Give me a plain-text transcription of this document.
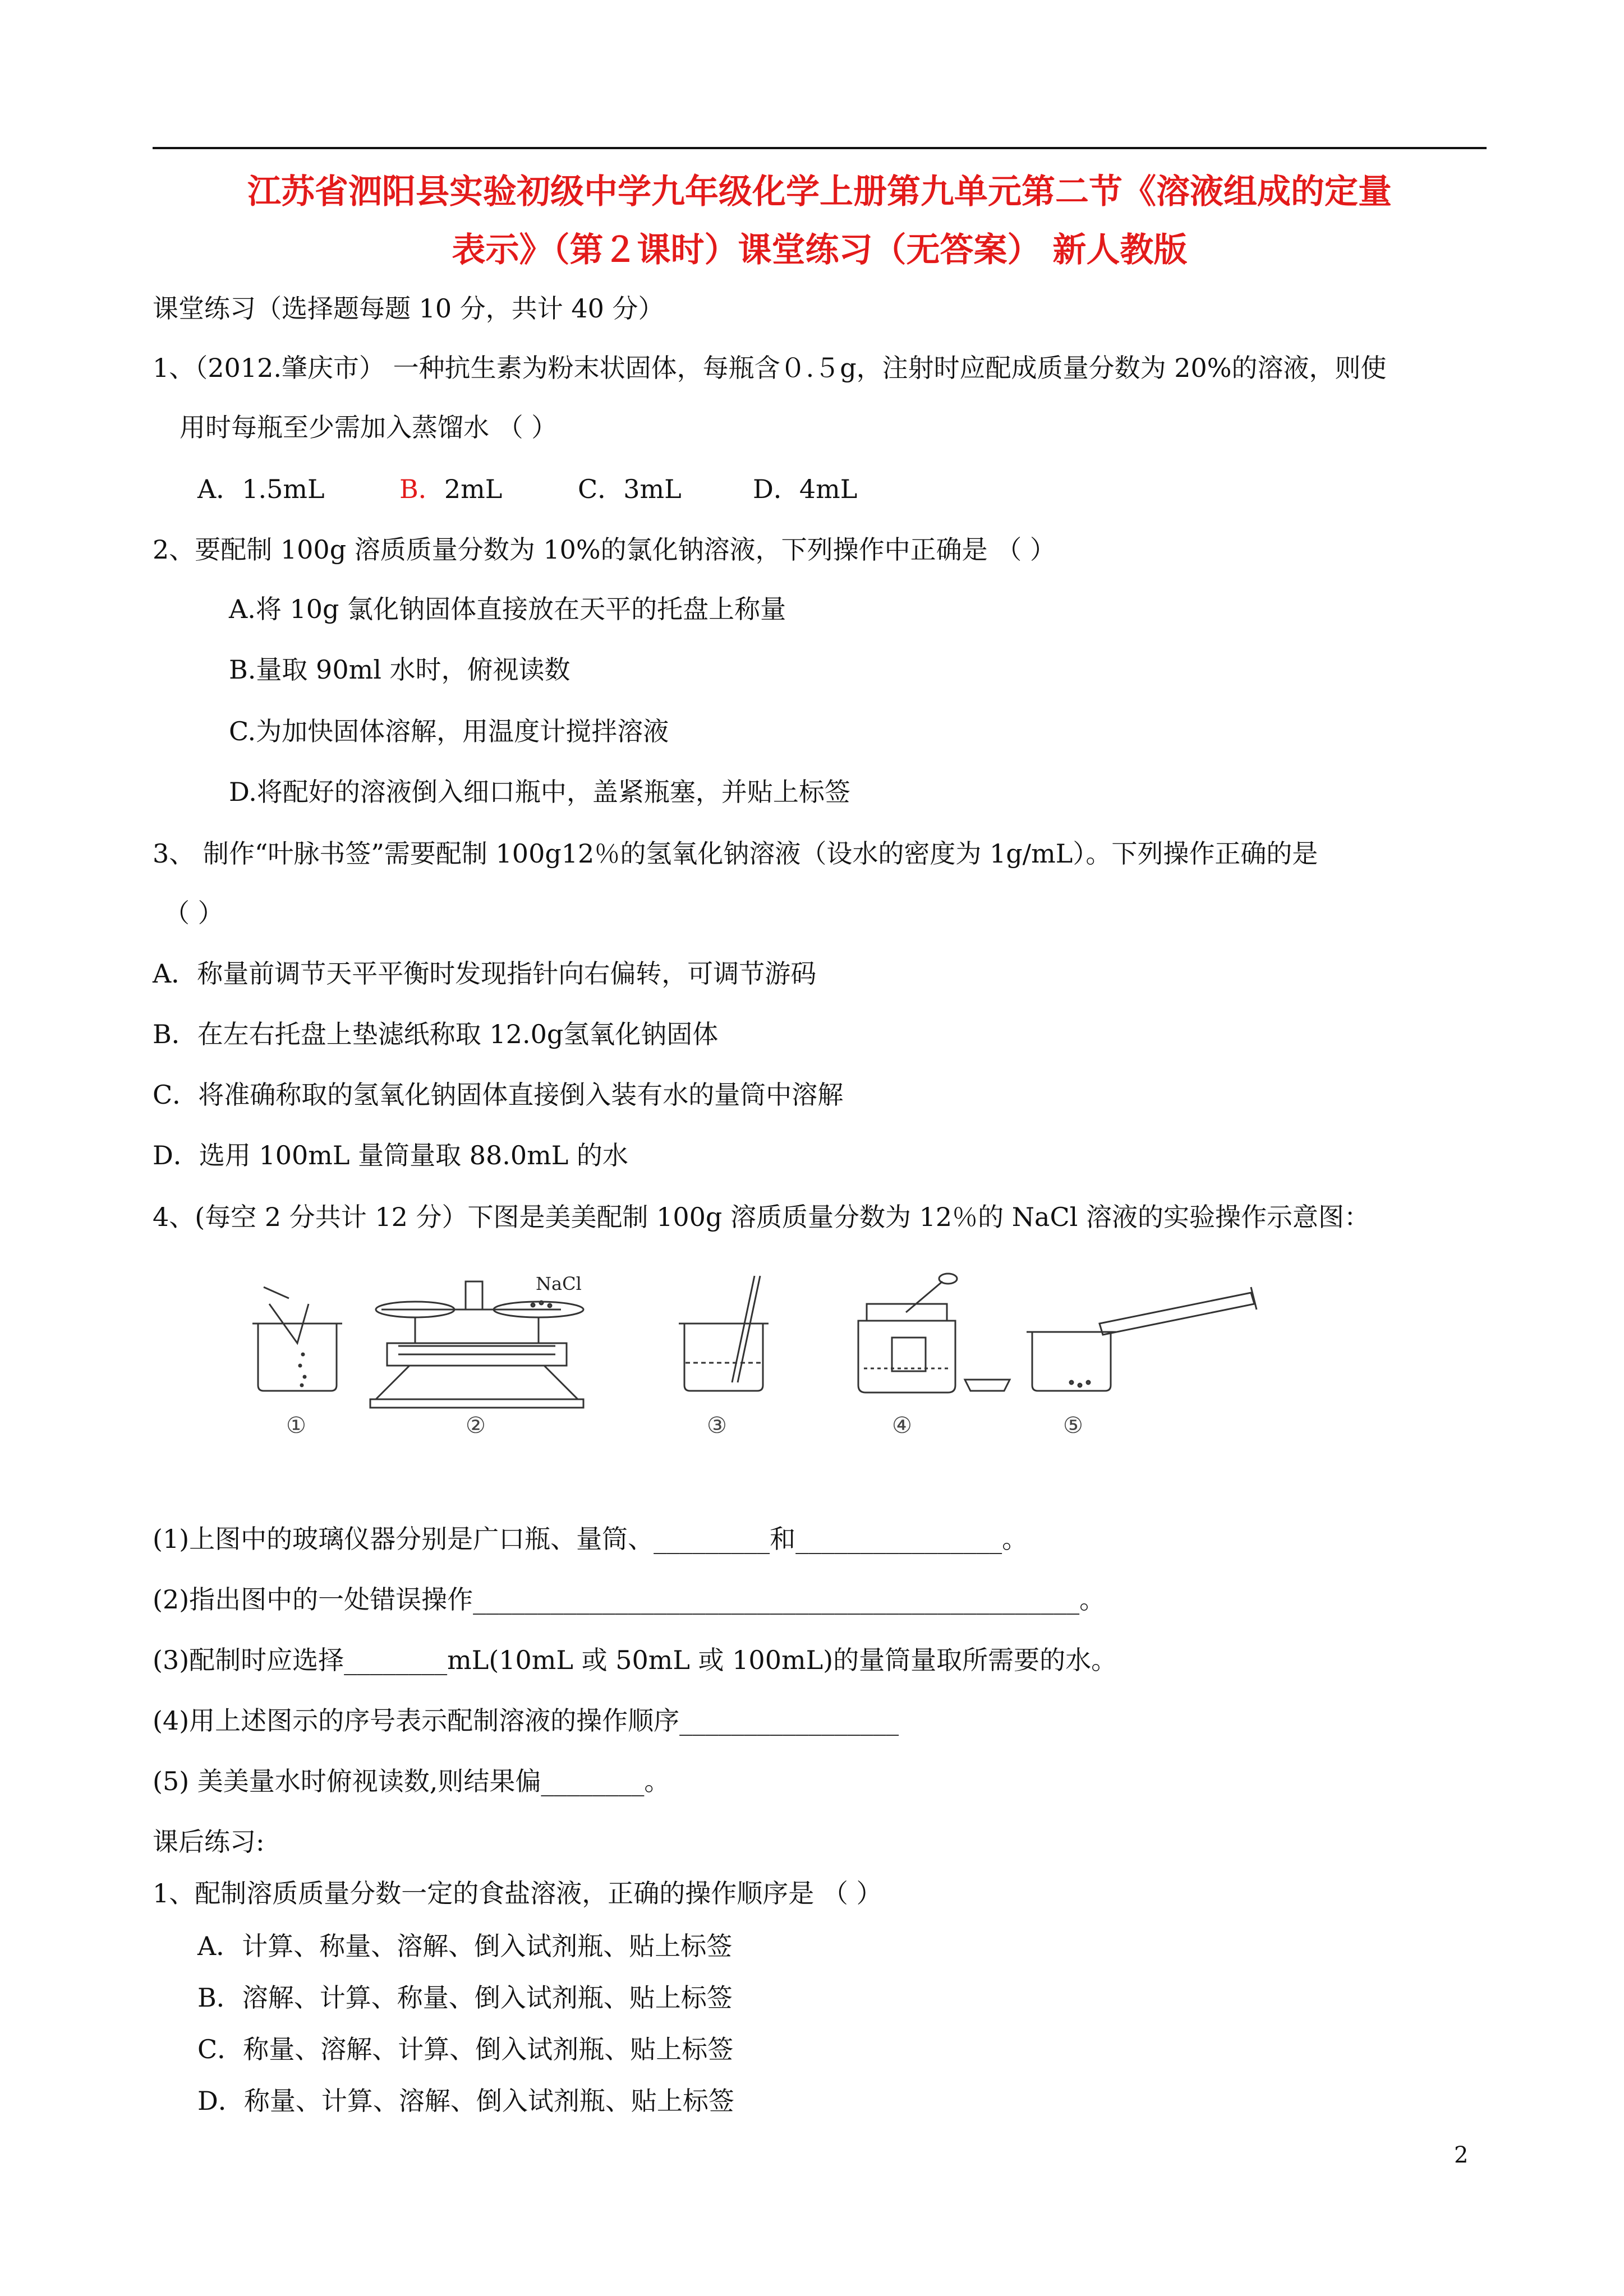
江苏省泗阳县实验初级中学九年级化学上册第九单元第二节《溶液组成的定量
表示》（第２课时）课堂练习（无答案） 新人教版
课堂练习（选择题每题 10 分，共计 40 分）
1、（2012.肇庆市） 一种抗生素为粉末状固体，每瓶含０.５g，注射时应配成质量分数为 20%的溶液，则使
用时每瓶至少需加入蒸馏水 （ ）
A．1.5mL	B．2mL	C．3mL	D．4mL
2、要配制 100g 溶质质量分数为 10%的氯化钠溶液，下列操作中正确是 （ ）
A.将 10g 氯化钠固体直接放在天平的托盘上称量
B.量取 90ml 水时，俯视读数
C.为加快固体溶解，用温度计搅拌溶液
D.将配好的溶液倒入细口瓶中，盖紧瓶塞，并贴上标签
3、 制作“叶脉书签”需要配制 100g12％的氢氧化钠溶液（设水的密度为 1g/mL）。下列操作正确的是
（ ）
A．称量前调节天平平衡时发现指针向右偏转，可调节游码
B．在左右托盘上垫滤纸称取 12.0g氢氧化钠固体
C．将准确称取的氢氧化钠固体直接倒入装有水的量筒中溶解
D．选用 100mL 量筒量取 88.0mL 的水
4、(每空 2 分共计 12 分）下图是美美配制 100g 溶质质量分数为 12％的 NaCl 溶液的实验操作示意图：
①
NaCl
②	③	④	⑤
(1)上图中的玻璃仪器分别是广口瓶、量筒、_________和________________。
(2)指出图中的一处错误操作_______________________________________________。
(3)配制时应选择________mL(10mL 或 50mL 或 100mL)的量筒量取所需要的水。
(4)用上述图示的序号表示配制溶液的操作顺序_________________
(5) 美美量水时俯视读数,则结果偏________。
课后练习:
1、配制溶质质量分数一定的食盐溶液，正确的操作顺序是 （ ）
A．计算、称量、溶解、倒入试剂瓶、贴上标签
B．溶解、计算、称量、倒入试剂瓶、贴上标签
C．称量、溶解、计算、倒入试剂瓶、贴上标签
D．称量、计算、溶解、倒入试剂瓶、贴上标签
2
